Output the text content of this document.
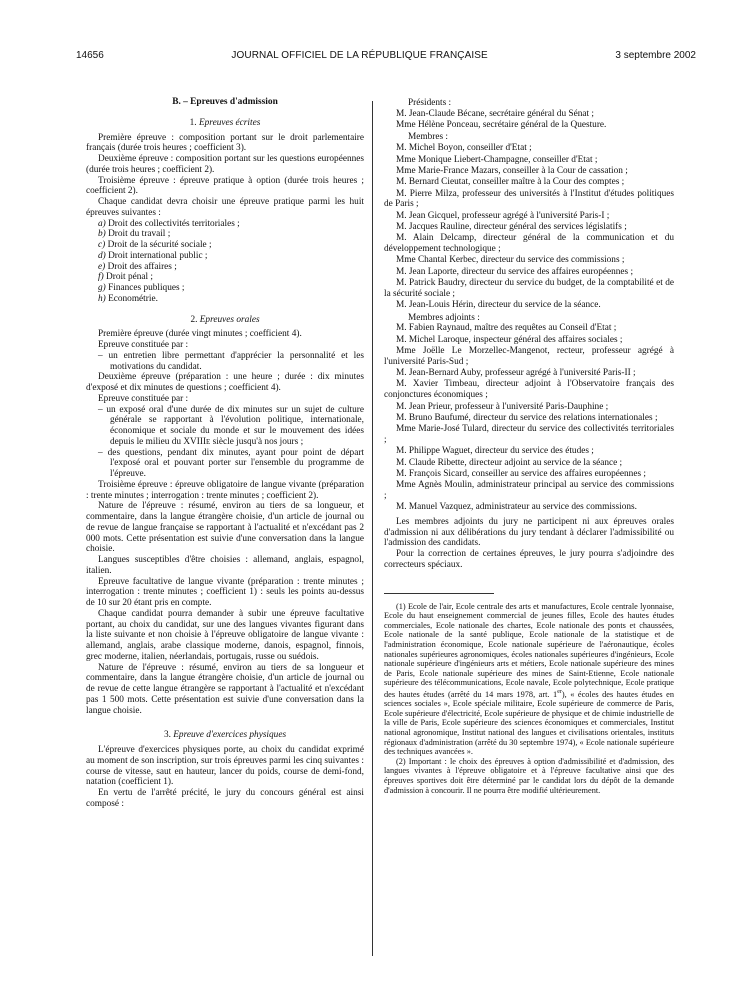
14656	JOURNAL OFFICIEL DE LA RÉPUBLIQUE FRANÇAISE	3 septembre 2002

B. – Epreuves d'admission

1. Epreuves écrites

Première épreuve : composition portant sur le droit parlementaire français (durée trois heures ; coefficient 3).

Deuxième épreuve : composition portant sur les questions européennes (durée trois heures ; coefficient 2).

Troisième épreuve : épreuve pratique à option (durée trois heures ; coefficient 2).

Chaque candidat devra choisir une épreuve pratique parmi les huit épreuves suivantes :

a) Droit des collectivités territoriales ;

b) Droit du travail ;

c) Droit de la sécurité sociale ;

d) Droit international public ;

e) Droit des affaires ;

f) Droit pénal ;

g) Finances publiques ;

h) Econométrie.

2. Epreuves orales

Première épreuve (durée vingt minutes ; coefficient 4).

Epreuve constituée par :

– un entretien libre permettant d'apprécier la personnalité et les motivations du candidat.

Deuxième épreuve (préparation : une heure ; durée : dix minutes d'exposé et dix minutes de questions ; coefficient 4).

Epreuve constituée par :

– un exposé oral d'une durée de dix minutes sur un sujet de culture générale se rapportant à l'évolution politique, internationale, économique et sociale du monde et sur le mouvement des idées depuis le milieu du XVIIIe siècle jusqu'à nos jours ;

– des questions, pendant dix minutes, ayant pour point de départ l'exposé oral et pouvant porter sur l'ensemble du programme de l'épreuve.

Troisième épreuve : épreuve obligatoire de langue vivante (préparation : trente minutes ; interrogation : trente minutes ; coefficient 2).

Nature de l'épreuve : résumé, environ au tiers de sa longueur, et commentaire, dans la langue étrangère choisie, d'un article de journal ou de revue de langue française se rapportant à l'actualité et n'excédant pas 2 000 mots. Cette présentation est suivie d'une conversation dans la langue choisie.

Langues susceptibles d'être choisies : allemand, anglais, espagnol, italien.

Epreuve facultative de langue vivante (préparation : trente minutes ; interrogation : trente minutes ; coefficient 1) : seuls les points au-dessus de 10 sur 20 étant pris en compte.

Chaque candidat pourra demander à subir une épreuve facultative portant, au choix du candidat, sur une des langues vivantes figurant dans la liste suivante et non choisie à l'épreuve obligatoire de langue vivante : allemand, anglais, arabe classique moderne, danois, espagnol, finnois, grec moderne, italien, néerlandais, portugais, russe ou suédois.

Nature de l'épreuve : résumé, environ au tiers de sa longueur et commentaire, dans la langue étrangère choisie, d'un article de journal ou de revue de cette langue étrangère se rapportant à l'actualité et n'excédant pas 1 500 mots. Cette présentation est suivie d'une conversation dans la langue choisie.

3. Epreuve d'exercices physiques

L'épreuve d'exercices physiques porte, au choix du candidat exprimé au moment de son inscription, sur trois épreuves parmi les cinq suivantes : course de vitesse, saut en hauteur, lancer du poids, course de demi-fond, natation (coefficient 1).

En vertu de l'arrêté précité, le jury du concours général est ainsi composé :

Présidents :

M. Jean-Claude Bécane, secrétaire général du Sénat ;

Mme Hélène Ponceau, secrétaire général de la Questure.

Membres :

M. Michel Boyon, conseiller d'Etat ;

Mme Monique Liebert-Champagne, conseiller d'Etat ;

Mme Marie-France Mazars, conseiller à la Cour de cassation ;

M. Bernard Cieutat, conseiller maître à la Cour des comptes ;

M. Pierre Milza, professeur des universités à l'Institut d'études politiques de Paris ;

M. Jean Gicquel, professeur agrégé à l'université Paris-I ;

M. Jacques Rauline, directeur général des services législatifs ;

M. Alain Delcamp, directeur général de la communication et du développement technologique ;

Mme Chantal Kerbec, directeur du service des commissions ;

M. Jean Laporte, directeur du service des affaires européennes ;

M. Patrick Baudry, directeur du service du budget, de la comptabilité et de la sécurité sociale ;

M. Jean-Louis Hérin, directeur du service de la séance.

Membres adjoints :

M. Fabien Raynaud, maître des requêtes au Conseil d'Etat ;

M. Michel Laroque, inspecteur général des affaires sociales ;

Mme Joëlle Le Morzellec-Mangenot, recteur, professeur agrégé à l'université Paris-Sud ;

M. Jean-Bernard Auby, professeur agrégé à l'université Paris-II ;

M. Xavier Timbeau, directeur adjoint à l'Observatoire français des conjonctures économiques ;

M. Jean Prieur, professeur à l'université Paris-Dauphine ;

M. Bruno Baufumé, directeur du service des relations internationales ;

Mme Marie-José Tulard, directeur du service des collectivités territoriales ;

M. Philippe Waguet, directeur du service des études ;

M. Claude Ribette, directeur adjoint au service de la séance ;

M. François Sicard, conseiller au service des affaires européennes ;

Mme Agnès Moulin, administrateur principal au service des commissions ;

M. Manuel Vazquez, administrateur au service des commissions.

Les membres adjoints du jury ne participent ni aux épreuves orales d'admission ni aux délibérations du jury tendant à déclarer l'admissibilité ou l'admission des candidats.

Pour la correction de certaines épreuves, le jury pourra s'adjoindre des correcteurs spéciaux.

(1) Ecole de l'air, Ecole centrale des arts et manufactures, Ecole centrale lyonnaise, Ecole du haut enseignement commercial de jeunes filles, Ecole des hautes études commerciales, Ecole nationale des chartes, Ecole nationale des ponts et chaussées, Ecole nationale de la santé publique, Ecole nationale de la statistique et de l'administration économique, Ecole nationale supérieure de l'aéronautique, écoles nationales supérieures agronomiques, écoles nationales supérieures d'ingénieurs, Ecole nationale supérieure d'ingénieurs arts et métiers, Ecole nationale supérieure des mines de Paris, Ecole nationale supérieure des mines de Saint-Etienne, Ecole nationale supérieure des télécommunications, Ecole navale, Ecole polytechnique, Ecole pratique des hautes études (arrêté du 14 mars 1978, art. 1er), « écoles des hautes études en sciences sociales », Ecole spéciale militaire, Ecole supérieure de commerce de Paris, Ecole supérieure d'électricité, Ecole supérieure de physique et de chimie industrielle de la ville de Paris, Ecole supérieure des sciences économiques et commerciales, Institut national agronomique, Institut national des langues et civilisations orientales, instituts régionaux d'administration (arrêté du 30 septembre 1974), « Ecole nationale supérieure des techniques avancées ».

(2) Important : le choix des épreuves à option d'admissibilité et d'admission, des langues vivantes à l'épreuve obligatoire et à l'épreuve facultative ainsi que des épreuves sportives doit être déterminé par le candidat lors du dépôt de la demande d'admission à concourir. Il ne pourra être modifié ultérieurement.
